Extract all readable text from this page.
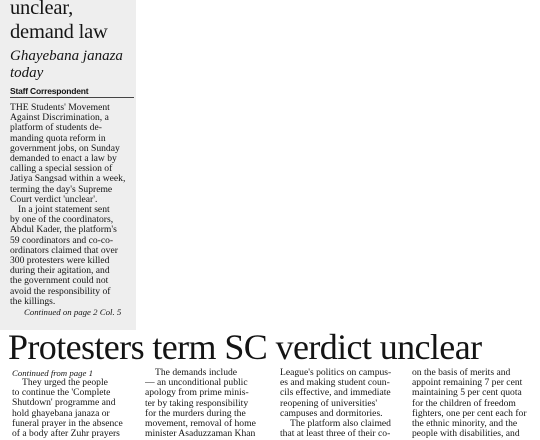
unclear,
demand law
Ghayebana janaza
today
Staff Correspondent

THE Students' Movement
Against Discrimination, a
platform of students de-
manding quota reform in
government jobs, on Sunday
demanded to enact a law by
calling a special session of
Jatiya Sangsad within a week,
terming the day's Supreme
Court verdict 'unclear'.

In a joint statement sent
by one of the coordinators,
Abdul Kader, the platform's
59 coordinators and co-co-
ordinators claimed that over
300 protesters were killed
during their agitation, and
the government could not
avoid the responsibility of
the killings.

Continued on page 2 Col. 5
Protesters term SC verdict unclear
Continued from page 1
They urged the people
to continue the 'Complete
Shutdown' programme and
hold ghayebana janaza or
funeral prayer in the absence
of a body after Zuhr prayers
The demands include
— an unconditional public
apology from prime minis-
ter by taking responsibility
for the murders during the
movement, removal of home
minister Asaduzzaman Khan
League's politics on campus-
es and making student coun-
cils effective, and immediate
reopening of universities'
campuses and dormitories.
The platform also claimed
that at least three of their co-
on the basis of merits and
appoint remaining 7 per cent
maintaining 5 per cent quota
for the children of freedom
fighters, one per cent each for
the ethnic minority, and the
people with disabilities, and
